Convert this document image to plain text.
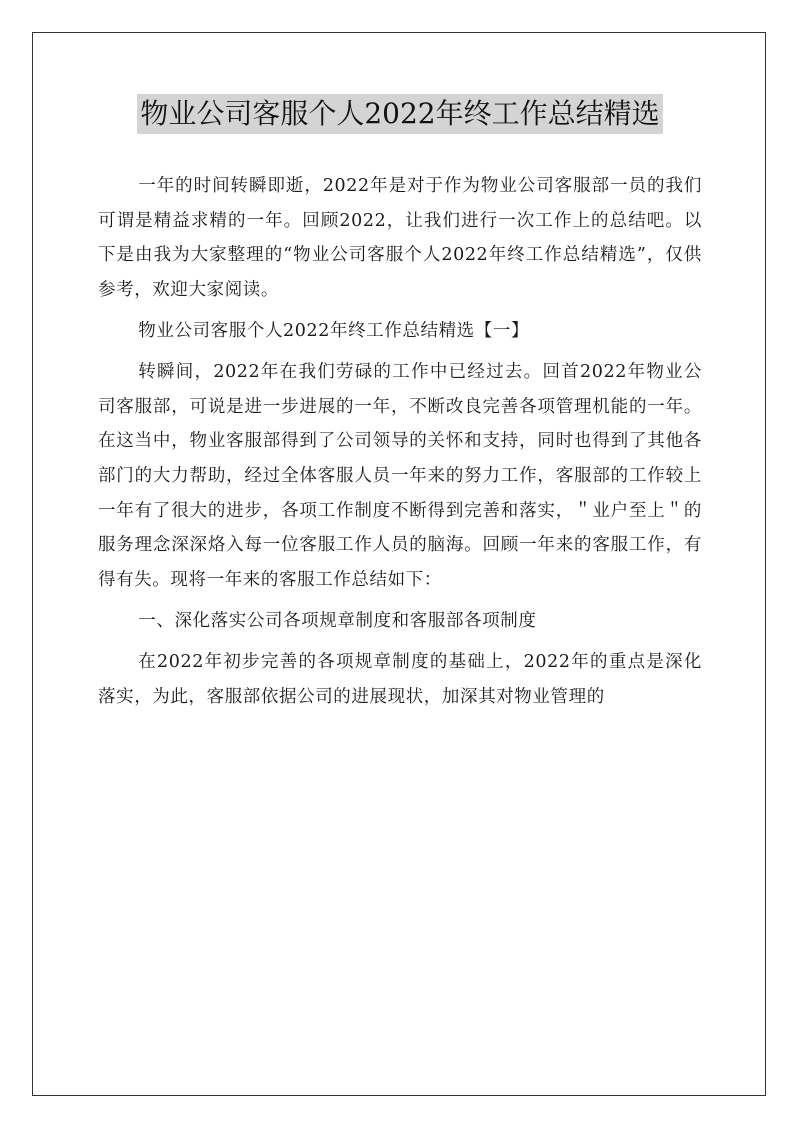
物业公司客服个人2022年终工作总结精选

一年的时间转瞬即逝，2022年是对于作为物业公司客服部一员的我们可谓是精益求精的一年。回顾2022，让我们进行一次工作上的总结吧。以下是由我为大家整理的“物业公司客服个人2022年终工作总结精选”，仅供参考，欢迎大家阅读。

物业公司客服个人2022年终工作总结精选【一】

转瞬间，2022年在我们劳碌的工作中已经过去。回首2022年物业公司客服部，可说是进一步进展的一年，不断改良完善各项管理机能的一年。在这当中，物业客服部得到了公司领导的关怀和支持，同时也得到了其他各部门的大力帮助，经过全体客服人员一年来的努力工作，客服部的工作较上一年有了很大的进步，各项工作制度不断得到完善和落实，＂业户至上＂的服务理念深深烙入每一位客服工作人员的脑海。回顾一年来的客服工作，有得有失。现将一年来的客服工作总结如下：

一、深化落实公司各项规章制度和客服部各项制度

在2022年初步完善的各项规章制度的基础上，2022年的重点是深化落实，为此，客服部依据公司的进展现状，加深其对物业管理的
